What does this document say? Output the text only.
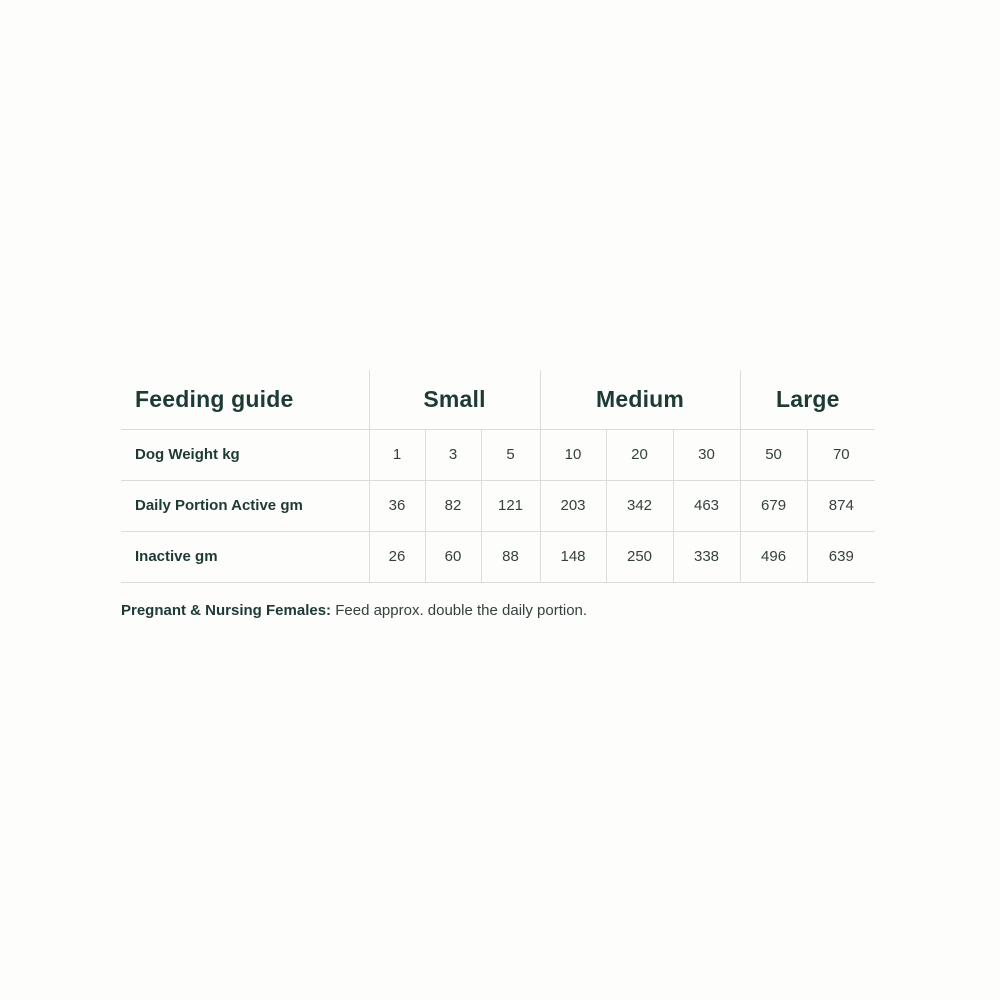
Feeding guide	Small			Medium			Large	
Dog Weight kg	1	3	5	10	20	30	50	70
Daily Portion Active gm	36	82	121	203	342	463	679	874
Inactive gm	26	60	88	148	250	338	496	639
Pregnant & Nursing Females: Feed approx. double the daily portion.
